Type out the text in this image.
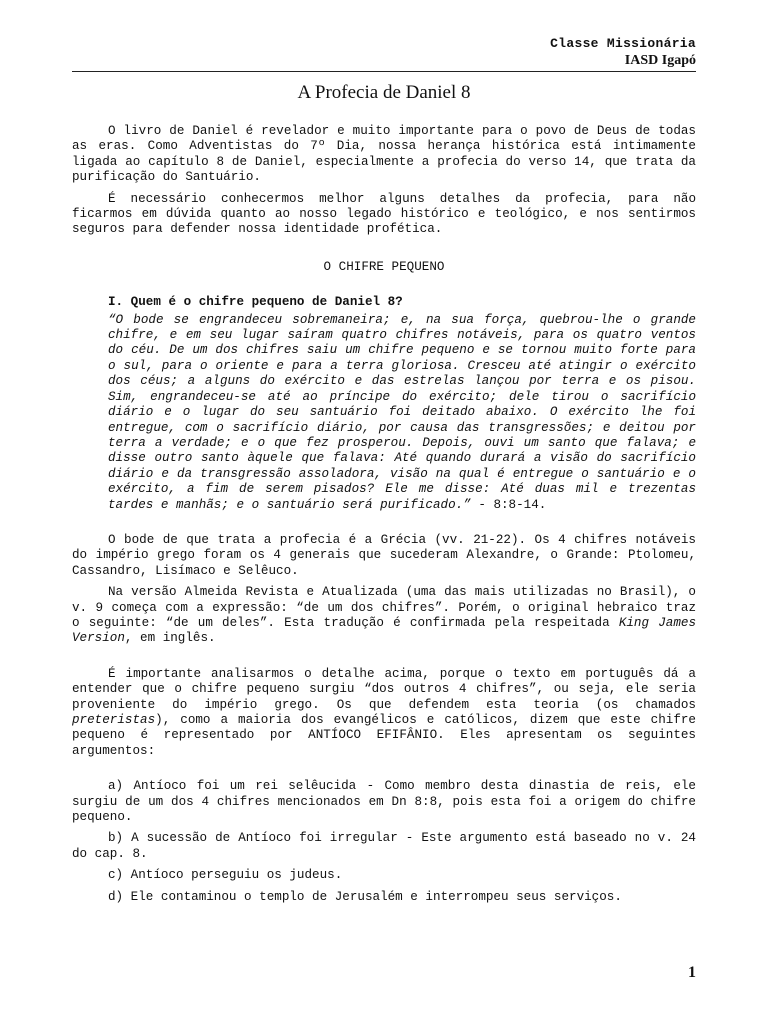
Classe Missionária
IASD Igapó
A Profecia de Daniel 8

O livro de Daniel é revelador e muito importante para o povo de Deus de todas as eras. Como Adventistas do 7º Dia, nossa herança histórica está intimamente ligada ao capítulo 8 de Daniel, especialmente a profecia do verso 14, que trata da purificação do Santuário.

É necessário conhecermos melhor alguns detalhes da profecia, para não ficarmos em dúvida quanto ao nosso legado histórico e teológico, e nos sentirmos seguros para defender nossa identidade profética.

O CHIFRE PEQUENO

I. Quem é o chifre pequeno de Daniel 8?

“O bode se engrandeceu sobremaneira; e, na sua força, quebrou-lhe o grande chifre, e em seu lugar saíram quatro chifres notáveis, para os quatro ventos do céu. De um dos chifres saiu um chifre pequeno e se tornou muito forte para o sul, para o oriente e para a terra gloriosa. Cresceu até atingir o exército dos céus; a alguns do exército e das estrelas lançou por terra e os pisou. Sim, engrandeceu-se até ao príncipe do exército; dele tirou o sacrifício diário e o lugar do seu santuário foi deitado abaixo. O exército lhe foi entregue, com o sacrifício diário, por causa das transgressões; e deitou por terra a verdade; e o que fez prosperou. Depois, ouvi um santo que falava; e disse outro santo àquele que falava: Até quando durará a visão do sacrifício diário e da transgressão assoladora, visão na qual é entregue o santuário e o exército, a fim de serem pisados? Ele me disse: Até duas mil e trezentas tardes e manhãs; e o santuário será purificado.” - 8:8-14.

O bode de que trata a profecia é a Grécia (vv. 21-22). Os 4 chifres notáveis do império grego foram os 4 generais que sucederam Alexandre, o Grande: Ptolomeu, Cassandro, Lisímaco e Selêuco.

Na versão Almeida Revista e Atualizada (uma das mais utilizadas no Brasil), o v. 9 começa com a expressão: “de um dos chifres”. Porém, o original hebraico traz o seguinte: “de um deles”. Esta tradução é confirmada pela respeitada King James Version, em inglês.

É importante analisarmos o detalhe acima, porque o texto em português dá a entender que o chifre pequeno surgiu “dos outros 4 chifres”, ou seja, ele seria proveniente do império grego. Os que defendem esta teoria (os chamados preteristas), como a maioria dos evangélicos e católicos, dizem que este chifre pequeno é representado por ANTÍOCO EFIFÂNIO. Eles apresentam os seguintes argumentos:

a) Antíoco foi um rei selêucida - Como membro desta dinastia de reis, ele surgiu de um dos 4 chifres mencionados em Dn 8:8, pois esta foi a origem do chifre pequeno.

b) A sucessão de Antíoco foi irregular - Este argumento está baseado no v. 24 do cap. 8.

c) Antíoco perseguiu os judeus.

d) Ele contaminou o templo de Jerusalém e interrompeu seus serviços.

1
